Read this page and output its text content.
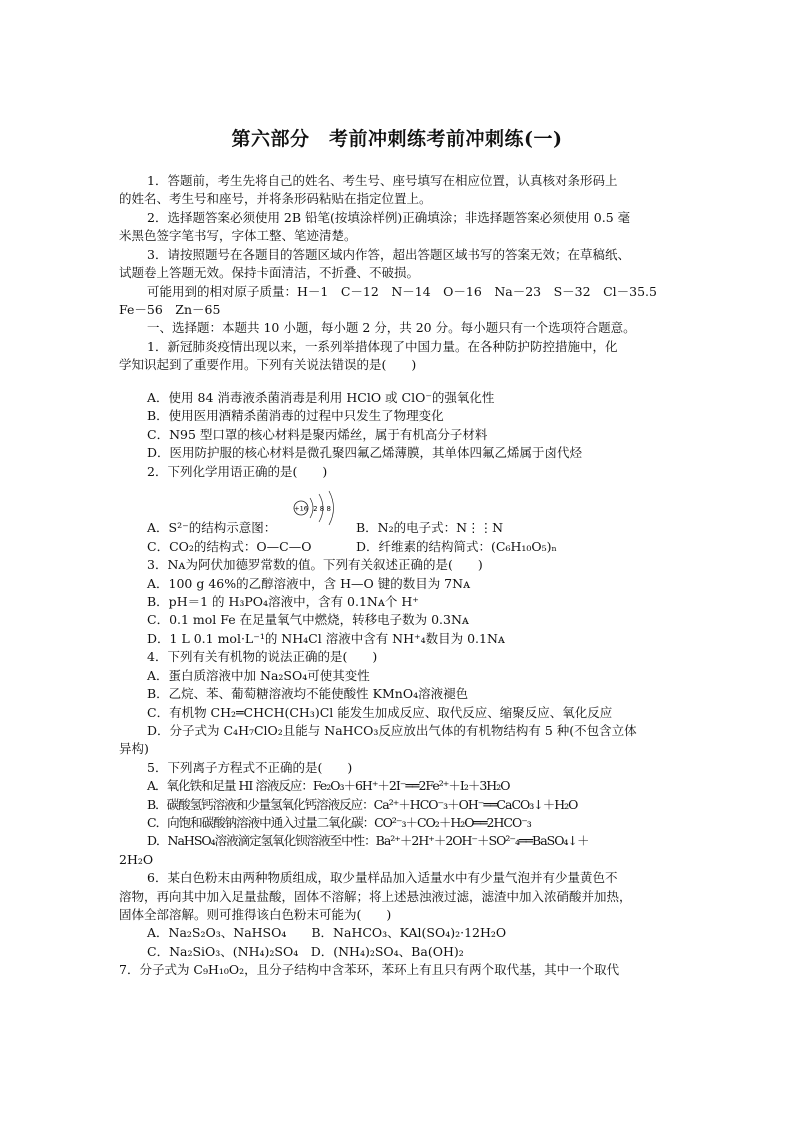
第六部分　考前冲刺练考前冲刺练(一)

1．答题前，考生先将自己的姓名、考生号、座号填写在相应位置，认真核对条形码上

的姓名、考生号和座号，并将条形码粘贴在指定位置上。

2．选择题答案必须使用 2B 铅笔(按填涂样例)正确填涂；非选择题答案必须使用 0.5 毫

米黑色签字笔书写，字体工整、笔迹清楚。

3．请按照题号在各题目的答题区域内作答，超出答题区域书写的答案无效；在草稿纸、

试题卷上答题无效。保持卡面清洁，不折叠、不破损。

可能用到的相对原子质量：H－1　C－12　N－14　O－16　Na－23　S－32　Cl－35.5

Fe－56　Zn－65

一、选择题：本题共 10 小题，每小题 2 分，共 20 分。每小题只有一个选项符合题意。

1．新冠肺炎疫情出现以来，一系列举措体现了中国力量。在各种防护防控措施中，化

学知识起到了重要作用。下列有关说法错误的是(　　)

A．使用 84 消毒液杀菌消毒是利用 HClO 或 ClO⁻的强氧化性

B．使用医用酒精杀菌消毒的过程中只发生了物理变化

C．N95 型口罩的核心材料是聚丙烯丝，属于有机高分子材料

D．医用防护服的核心材料是微孔聚四氟乙烯薄膜，其单体四氟乙烯属于卤代烃

2．下列化学用语正确的是(　　)

+16 2 8 8

A．S²⁻的结构示意图：	B．N₂的电子式：N⋮⋮N

C．CO₂的结构式：O—C—O	D．纤维素的结构简式：(C₆H₁₀O₅)ₙ

3．Nᴀ为阿伏加德罗常数的值。下列有关叙述正确的是(　　)

A．100 g 46%的乙醇溶液中，含 H—O 键的数目为 7Nᴀ

B．pH＝1 的 H₃PO₄溶液中，含有 0.1Nᴀ个 H⁺

C．0.1 mol Fe 在足量氧气中燃烧，转移电子数为 0.3Nᴀ

D．1 L 0.1 mol·L⁻¹的 NH₄Cl 溶液中含有 NH⁺₄数目为 0.1Nᴀ

4．下列有关有机物的说法正确的是(　　)

A．蛋白质溶液中加 Na₂SO₄可使其变性

B．乙烷、苯、葡萄糖溶液均不能使酸性 KMnO₄溶液褪色

C．有机物 CH₂═CHCH(CH₃)Cl 能发生加成反应、取代反应、缩聚反应、氧化反应

D．分子式为 C₄H₇ClO₂且能与 NaHCO₃反应放出气体的有机物结构有 5 种(不包含立体

异构)

5．下列离子方程式不正确的是(　　)

A．氧化铁和足量 HI 溶液反应：Fe₂O₃＋6H⁺＋2I⁻══2Fe²⁺＋I₂＋3H₂O

B．碳酸氢钙溶液和少量氢氧化钙溶液反应：Ca²⁺＋HCO⁻₃＋OH⁻══CaCO₃↓＋H₂O

C．向饱和碳酸钠溶液中通入过量二氧化碳：CO²⁻₃＋CO₂＋H₂O══2HCO⁻₃

D．NaHSO₄溶液滴定氢氧化钡溶液至中性：Ba²⁺＋2H⁺＋2OH⁻＋SO²⁻₄══BaSO₄↓＋

2H₂O

6．某白色粉末由两种物质组成，取少量样品加入适量水中有少量气泡并有少量黄色不

溶物，再向其中加入足量盐酸，固体不溶解；将上述悬浊液过滤，滤渣中加入浓硝酸并加热，

固体全部溶解。则可推得该白色粉末可能为(　　)

A．Na₂S₂O₃、NaHSO₄　　B．NaHCO₃、KAl(SO₄)₂·12H₂O

C．Na₂SiO₃、(NH₄)₂SO₄　D．(NH₄)₂SO₄、Ba(OH)₂

7．分子式为 C₉H₁₀O₂，且分子结构中含苯环，苯环上有且只有两个取代基，其中一个取代
